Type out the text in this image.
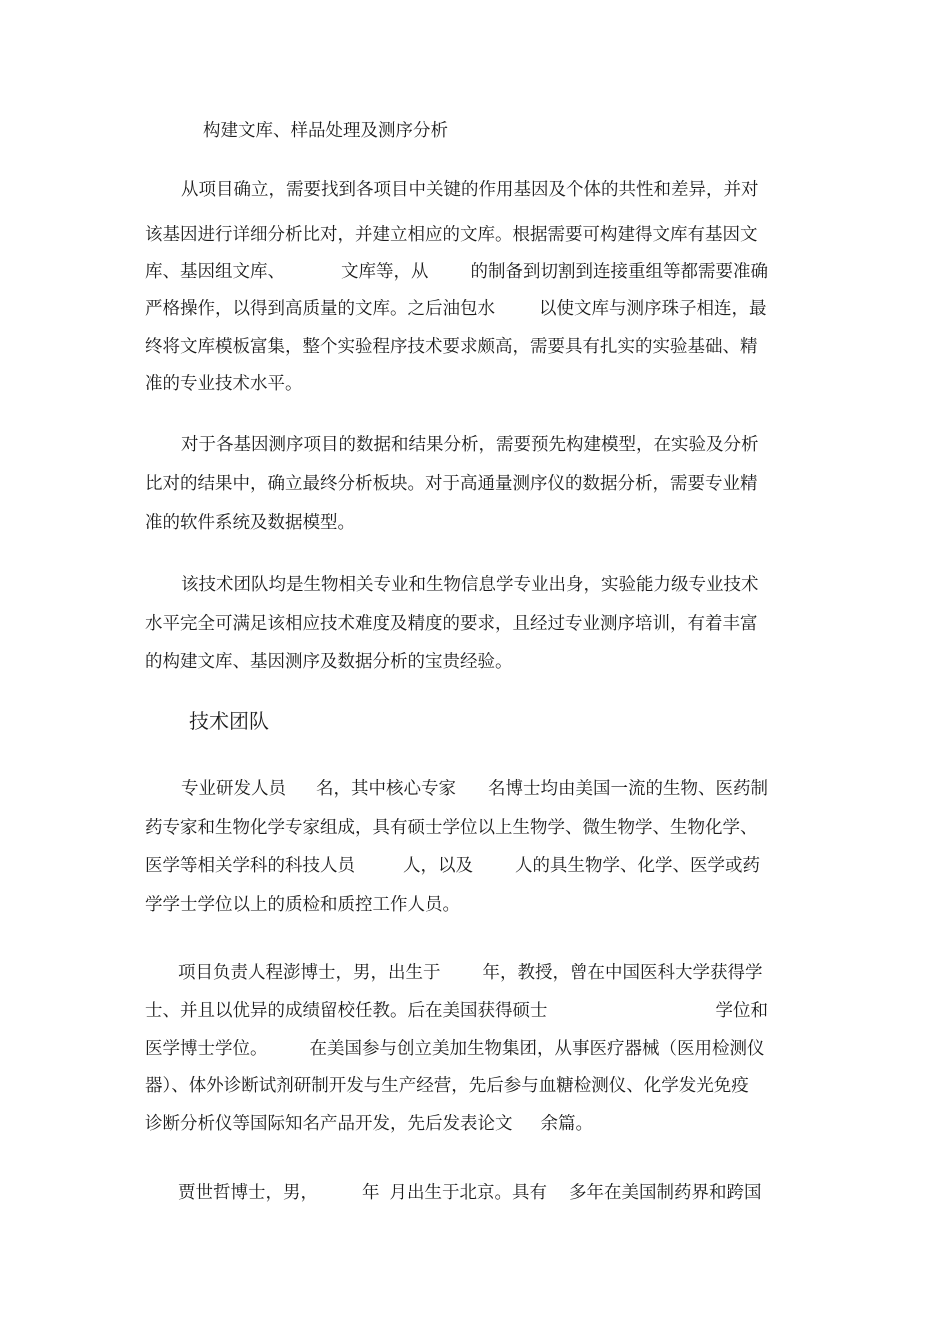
构建文库、样品处理及测序分析
从项目确立，需要找到各项目中关键的作用基因及个体的共性和差异，并对
该基因进行详细分析比对，并建立相应的文库。根据需要可构建得文库有基因文
库、基因组文库、	文库等，从 的制备到切割到连接重组等都需要准确
严格操作，以得到高质量的文库。之后油包水	以使文库与测序珠子相连，最
终将文库模板富集，整个实验程序技术要求颇高，需要具有扎实的实验基础、精
准的专业技术水平。
对于各基因测序项目的数据和结果分析，需要预先构建模型，在实验及分析
比对的结果中，确立最终分析板块。对于高通量测序仪的数据分析，需要专业精
准的软件系统及数据模型。
该技术团队均是生物相关专业和生物信息学专业出身，实验能力级专业技术
水平完全可满足该相应技术难度及精度的要求，且经过专业测序培训，有着丰富
的构建文库、基因测序及数据分析的宝贵经验。
技术团队
专业研发人员 名，其中核心专家 名博士均由美国一流的生物、医药制
药专家和生物化学专家组成，具有硕士学位以上生物学、微生物学、生物化学、
医学等相关学科的科技人员	人，以及 人的具生物学、化学、医学或药
学学士学位以上的质检和质控工作人员。
项目负责人程澎博士，男，出生于 年，教授，曾在中国医科大学获得学
士、并且以优异的成绩留校任教。后在美国获得硕士	学位和
医学博士学位。 在美国参与创立美加生物集团，从事医疗器械（医用检测仪
器）、体外诊断试剂研制开发与生产经营，先后参与血糖检测仪、化学发光免疫
诊断分析仪等国际知名产品开发，先后发表论文 余篇。
贾世哲博士，男，	年 月出生于北京。具有 多年在美国制药界和跨国
